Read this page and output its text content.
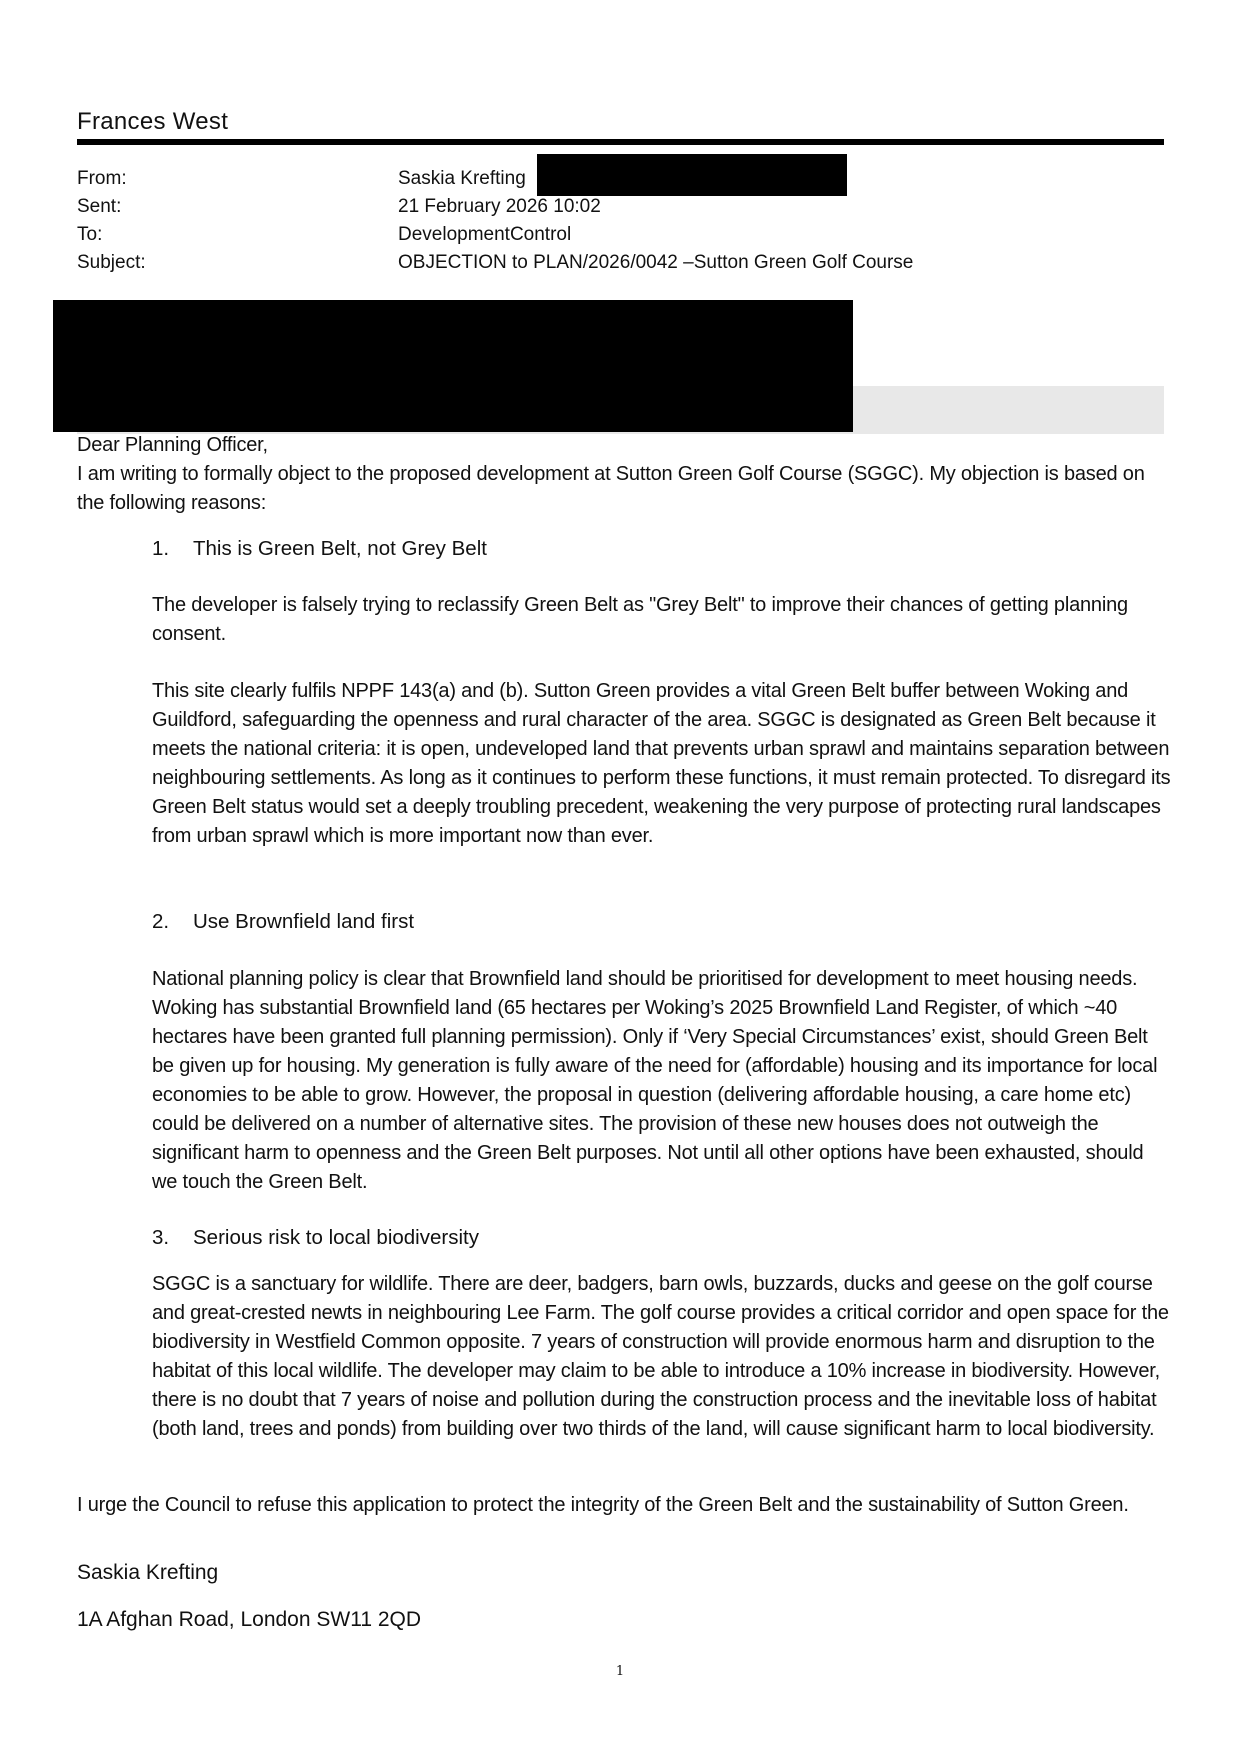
Frances West
From:	Saskia Krefting
Sent:	21 February 2026 10:02
To:	DevelopmentControl
Subject:	OBJECTION to PLAN/2026/0042 –Sutton Green Golf Course
Dear Planning Officer,
I am writing to formally object to the proposed development at Sutton Green Golf Course (SGGC). My objection is based on the following reasons:
1. This is Green Belt, not Grey Belt
The developer is falsely trying to reclassify Green Belt as "Grey Belt" to improve their chances of getting planning consent.
This site clearly fulfils NPPF 143(a) and (b). Sutton Green provides a vital Green Belt buffer between Woking and Guildford, safeguarding the openness and rural character of the area. SGGC is designated as Green Belt because it meets the national criteria: it is open, undeveloped land that prevents urban sprawl and maintains separation between neighbouring settlements. As long as it continues to perform these functions, it must remain protected. To disregard its Green Belt status would set a deeply troubling precedent, weakening the very purpose of protecting rural landscapes from urban sprawl which is more important now than ever.
2. Use Brownfield land first
National planning policy is clear that Brownfield land should be prioritised for development to meet housing needs. Woking has substantial Brownfield land (65 hectares per Woking’s 2025 Brownfield Land Register, of which ~40 hectares have been granted full planning permission). Only if ‘Very Special Circumstances’ exist, should Green Belt be given up for housing. My generation is fully aware of the need for (affordable) housing and its importance for local economies to be able to grow. However, the proposal in question (delivering affordable housing, a care home etc) could be delivered on a number of alternative sites. The provision of these new houses does not outweigh the significant harm to openness and the Green Belt purposes. Not until all other options have been exhausted, should we touch the Green Belt.
3. Serious risk to local biodiversity
SGGC is a sanctuary for wildlife. There are deer, badgers, barn owls, buzzards, ducks and geese on the golf course and great-crested newts in neighbouring Lee Farm. The golf course provides a critical corridor and open space for the biodiversity in Westfield Common opposite. 7 years of construction will provide enormous harm and disruption to the habitat of this local wildlife. The developer may claim to be able to introduce a 10% increase in biodiversity. However, there is no doubt that 7 years of noise and pollution during the construction process and the inevitable loss of habitat (both land, trees and ponds) from building over two thirds of the land, will cause significant harm to local biodiversity.
I urge the Council to refuse this application to protect the integrity of the Green Belt and the sustainability of Sutton Green.
Saskia Krefting
1A Afghan Road, London SW11 2QD
1
